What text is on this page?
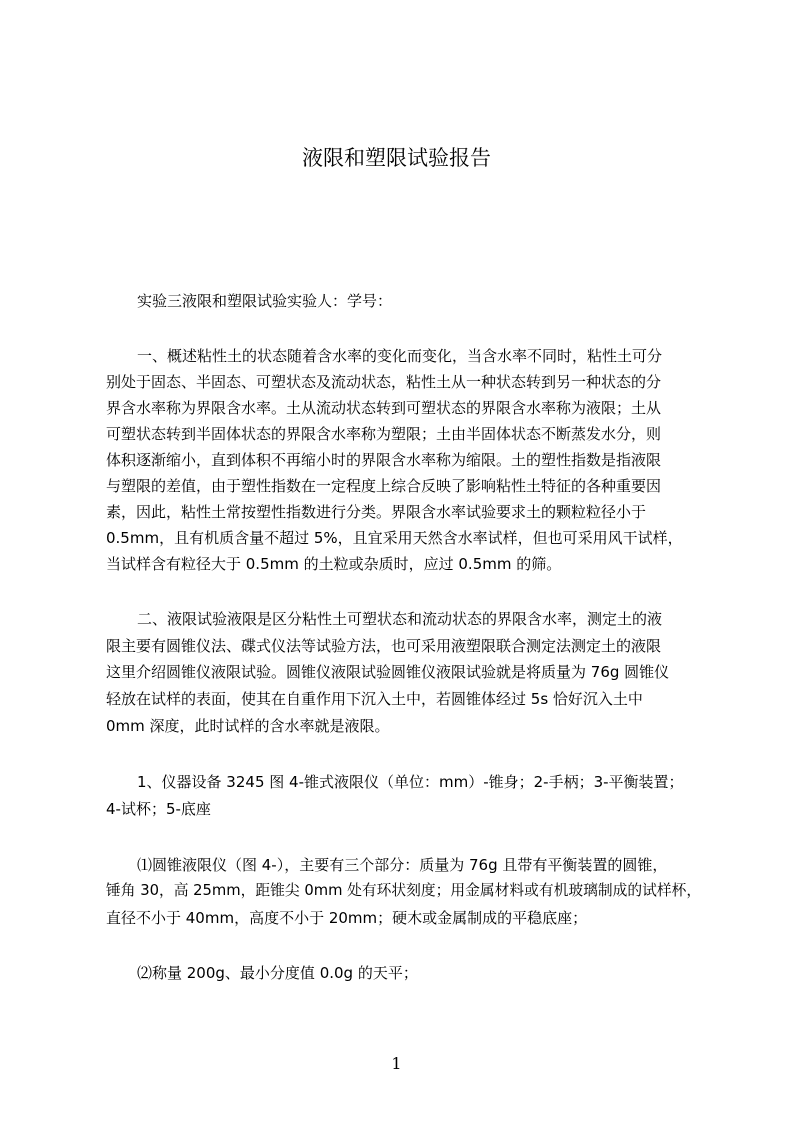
液限和塑限试验报告
实验三液限和塑限试验实验人：学号：
一、概述粘性土的状态随着含水率的变化而变化，当含水率不同时，粘性土可分
别处于固态、半固态、可塑状态及流动状态，粘性土从一种状态转到另一种状态的分
界含水率称为界限含水率。土从流动状态转到可塑状态的界限含水率称为液限；土从
可塑状态转到半固体状态的界限含水率称为塑限；土由半固体状态不断蒸发水分，则
体积逐渐缩小，直到体积不再缩小时的界限含水率称为缩限。土的塑性指数是指液限
与塑限的差值，由于塑性指数在一定程度上综合反映了影响粘性土特征的各种重要因
素，因此，粘性土常按塑性指数进行分类。界限含水率试验要求土的颗粒粒径小于
0.5mm，且有机质含量不超过 5%，且宜采用天然含水率试样，但也可采用风干试样，
当试样含有粒径大于 0.5mm 的土粒或杂质时，应过 0.5mm 的筛。
二、液限试验液限是区分粘性土可塑状态和流动状态的界限含水率，测定土的液
限主要有圆锥仪法、碟式仪法等试验方法，也可采用液塑限联合测定法测定土的液限
这里介绍圆锥仪液限试验。圆锥仪液限试验圆锥仪液限试验就是将质量为 76g 圆锥仪
轻放在试样的表面，使其在自重作用下沉入土中，若圆锥体经过 5s 恰好沉入土中
0mm 深度，此时试样的含水率就是液限。
1、仪器设备 3245 图 4-锥式液限仪（单位：mm）-锥身；2-手柄；3-平衡装置；
4-试杯；5-底座
⑴圆锥液限仪（图 4-），主要有三个部分：质量为 76g 且带有平衡装置的圆锥，
锤角 30，高 25mm，距锥尖 0mm 处有环状刻度；用金属材料或有机玻璃制成的试样杯，
直径不小于 40mm，高度不小于 20mm；硬木或金属制成的平稳底座；
⑵称量 200g、最小分度值 0.0g 的天平；
1
